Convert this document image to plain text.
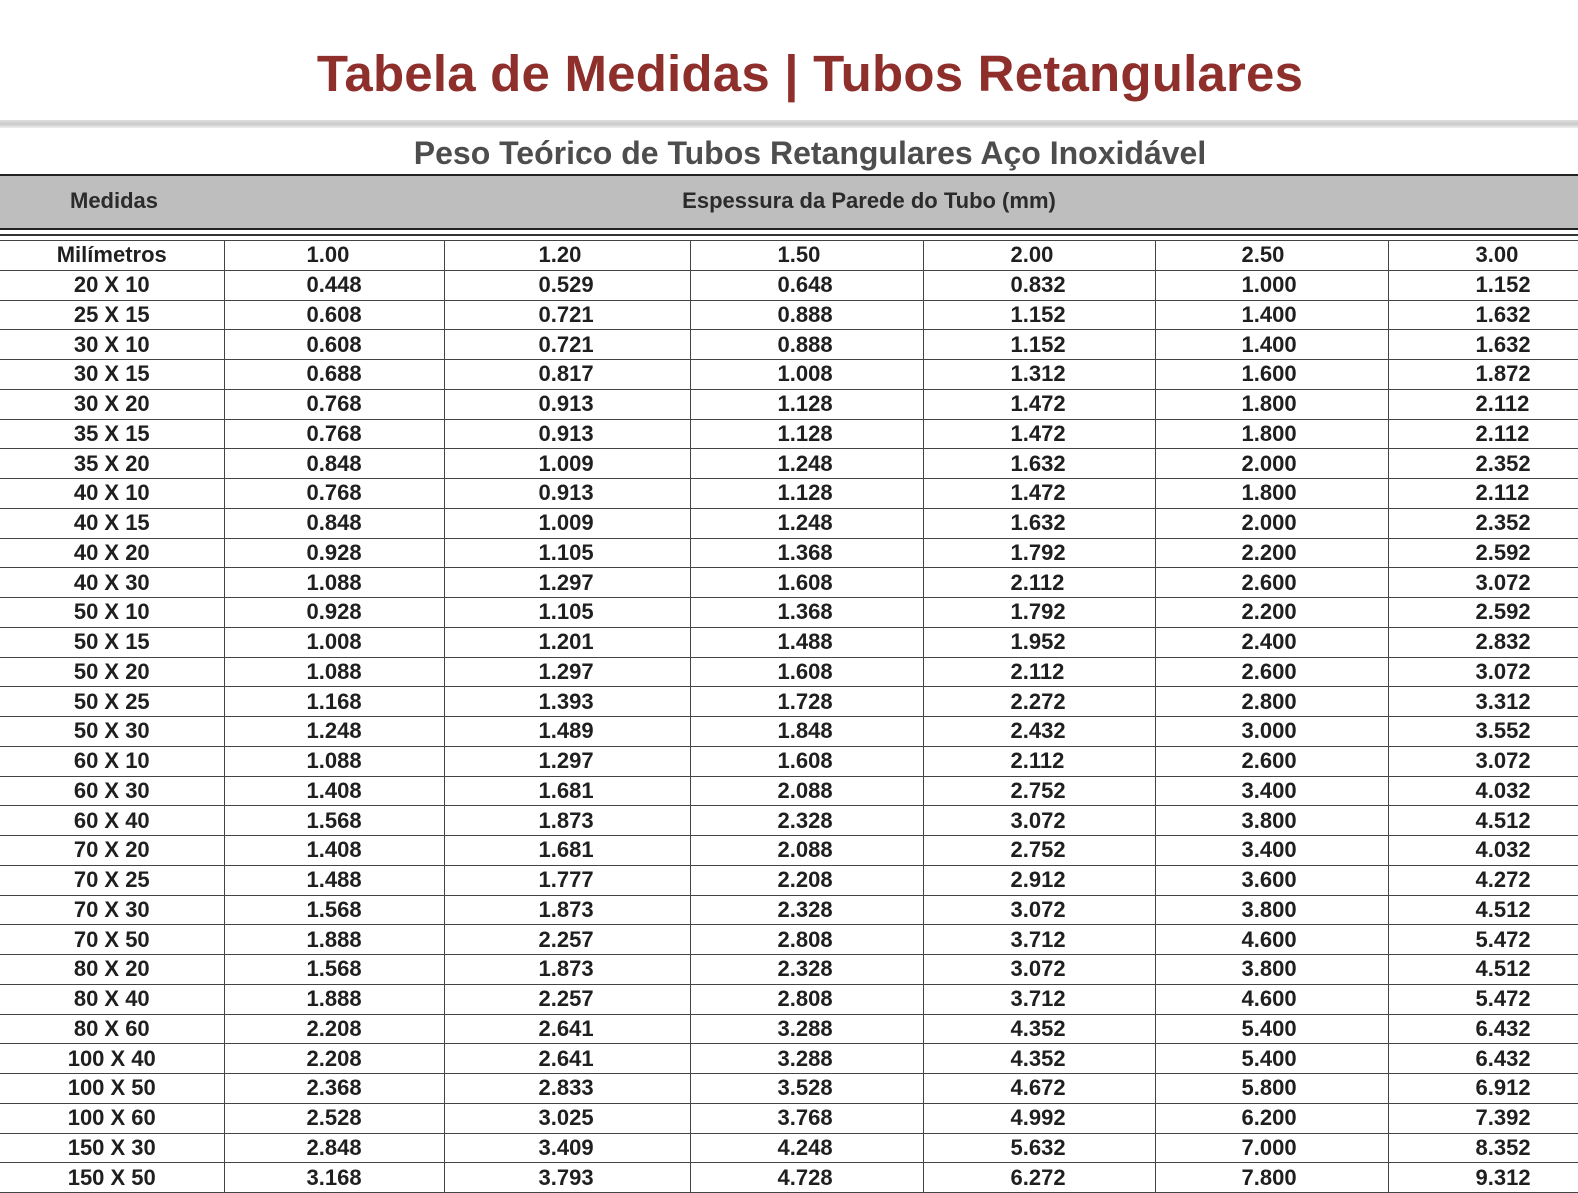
Tabela de Medidas | Tubos Retangulares
Peso Teórico de Tubos Retangulares Aço Inoxidável
Medidas	Espessura da Parede do Tubo (mm)
Milímetros	1.00	1.20	1.50	2.00	2.50	3.00
20 X 10	0.448	0.529	0.648	0.832	1.000	1.152
25 X 15	0.608	0.721	0.888	1.152	1.400	1.632
30 X 10	0.608	0.721	0.888	1.152	1.400	1.632
30 X 15	0.688	0.817	1.008	1.312	1.600	1.872
30 X 20	0.768	0.913	1.128	1.472	1.800	2.112
35 X 15	0.768	0.913	1.128	1.472	1.800	2.112
35 X 20	0.848	1.009	1.248	1.632	2.000	2.352
40 X 10	0.768	0.913	1.128	1.472	1.800	2.112
40 X 15	0.848	1.009	1.248	1.632	2.000	2.352
40 X 20	0.928	1.105	1.368	1.792	2.200	2.592
40 X 30	1.088	1.297	1.608	2.112	2.600	3.072
50 X 10	0.928	1.105	1.368	1.792	2.200	2.592
50 X 15	1.008	1.201	1.488	1.952	2.400	2.832
50 X 20	1.088	1.297	1.608	2.112	2.600	3.072
50 X 25	1.168	1.393	1.728	2.272	2.800	3.312
50 X 30	1.248	1.489	1.848	2.432	3.000	3.552
60 X 10	1.088	1.297	1.608	2.112	2.600	3.072
60 X 30	1.408	1.681	2.088	2.752	3.400	4.032
60 X 40	1.568	1.873	2.328	3.072	3.800	4.512
70 X 20	1.408	1.681	2.088	2.752	3.400	4.032
70 X 25	1.488	1.777	2.208	2.912	3.600	4.272
70 X 30	1.568	1.873	2.328	3.072	3.800	4.512
70 X 50	1.888	2.257	2.808	3.712	4.600	5.472
80 X 20	1.568	1.873	2.328	3.072	3.800	4.512
80 X 40	1.888	2.257	2.808	3.712	4.600	5.472
80 X 60	2.208	2.641	3.288	4.352	5.400	6.432
100 X 40	2.208	2.641	3.288	4.352	5.400	6.432
100 X 50	2.368	2.833	3.528	4.672	5.800	6.912
100 X 60	2.528	3.025	3.768	4.992	6.200	7.392
150 X 30	2.848	3.409	4.248	5.632	7.000	8.352
150 X 50	3.168	3.793	4.728	6.272	7.800	9.312
